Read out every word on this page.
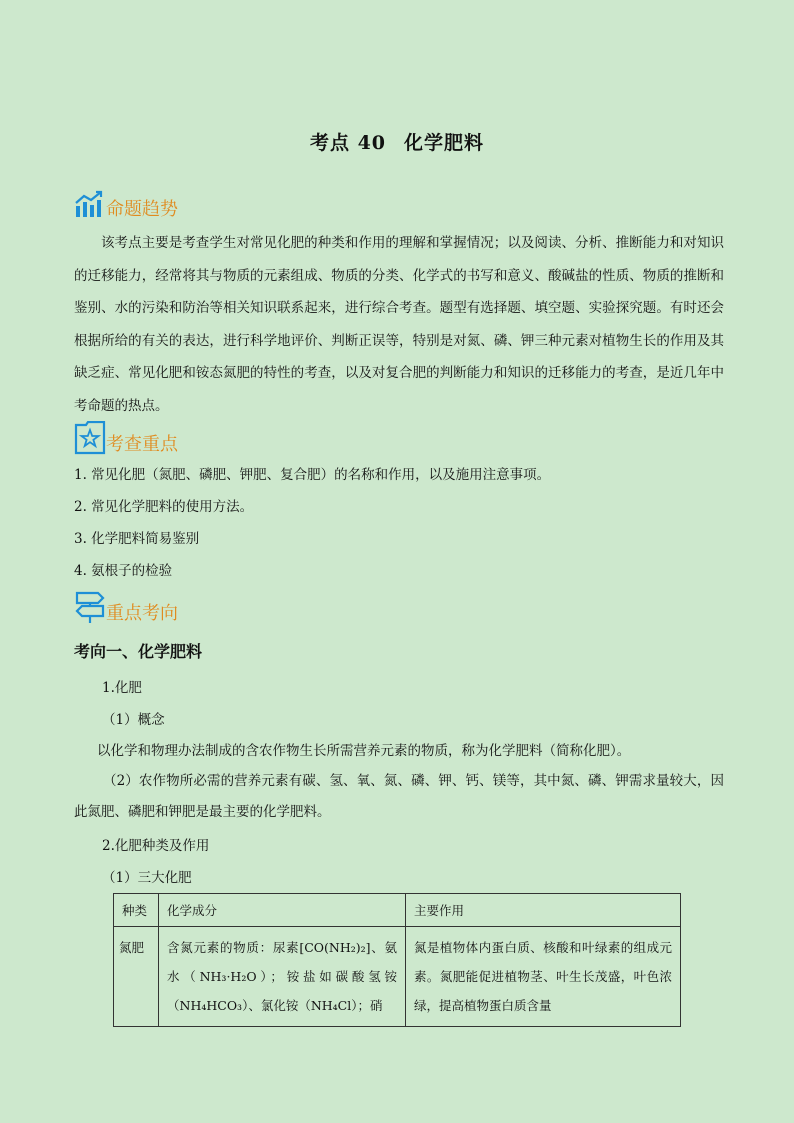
考点 40 化学肥料
命题趋势

该考点主要是考查学生对常见化肥的种类和作用的理解和掌握情况；以及阅读、分析、推断能力和对知识的迁移能力，经常将其与物质的元素组成、物质的分类、化学式的书写和意义、酸碱盐的性质、物质的推断和鉴别、水的污染和防治等相关知识联系起来，进行综合考查。题型有选择题、填空题、实验探究题。有时还会根据所给的有关的表达，进行科学地评价、判断正误等，特别是对氮、磷、钾三种元素对植物生长的作用及其缺乏症、常见化肥和铵态氮肥的特性的考查，以及对复合肥的判断能力和知识的迁移能力的考查，是近几年中考命题的热点。

考查重点
1. 常见化肥（氮肥、磷肥、钾肥、复合肥）的名称和作用，以及施用注意事项。
2. 常见化学肥料的使用方法。
3. 化学肥料简易鉴别
4. 氨根子的检验
重点考向
考向一、化学肥料
1.化肥
（1）概念
以化学和物理办法制成的含农作物生长所需营养元素的物质，称为化学肥料（简称化肥）。

（2）农作物所必需的营养元素有碳、氢、氧、氮、磷、钾、钙、镁等，其中氮、磷、钾需求量较大，因此氮肥、磷肥和钾肥是最主要的化学肥料。

2.化肥种类及作用
（1）三大化肥
种类	化学成分	主要作用
氮肥	含氮元素的物质：尿素[CO(NH₂)₂]、氨水（NH₃·H₂O）；铵盐如碳酸氢铵（NH₄HCO₃）、氯化铵（NH₄Cl）；硝	氮是植物体内蛋白质、核酸和叶绿素的组成元素。氮肥能促进植物茎、叶生长茂盛，叶色浓绿，提高植物蛋白质含量
